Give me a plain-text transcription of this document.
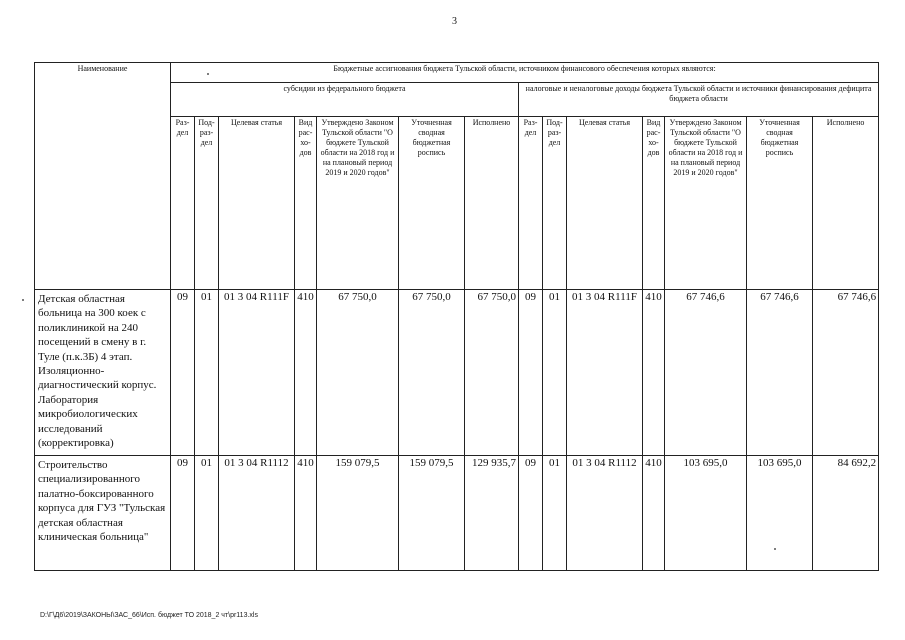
3
Наименование	Бюджетные ассигнования бюджета Тульской области, источником финансового обеспечения которых являются:													
	субсидии из федерального бюджета							налоговые и неналоговые доходы бюджета Тульской области и источники финансирования дефицита бюджета области						
	Раз-дел	Под-раз-дел	Целевая статья	Вид рас-хо-дов	Утверждено Законом Тульской области "О бюджете Тульской области на 2018 год и на плановый период 2019 и 2020 годов"	Уточненная сводная бюджетная роспись	Исполнено	Раз-дел	Под-раз-дел	Целевая статья	Вид рас-хо-дов	Утверждено Законом Тульской области "О бюджете Тульской области на 2018 год и на плановый период 2019 и 2020 годов"	Уточненная сводная бюджетная роспись	Исполнено
Детская областная больница на 300 коек с поликлиникой на 240 посещений в смену в г. Туле (п.к.3Б) 4 этап. Изоляционно-диагностический корпус. Лаборатория микробиологических исследований (корректировка)	09	01	01 3 04 R111F	410	67 750,0	67 750,0	67 750,0	09	01	01 3 04 R111F	410	67 746,6	67 746,6	67 746,6
Строительство специализированного палатно-боксированного корпуса для ГУЗ "Тульская детская областная клиническая больница"	09	01	01 3 04 R1112	410	159 079,5	159 079,5	129 935,7	09	01	01 3 04 R1112	410	103 695,0	103 695,0	84 692,2
D:\Г\Д6\2019\ЗАКОНЫ\ЗАС_66\Исп. бюджет ТО 2018_2 чт\pr113.xls
